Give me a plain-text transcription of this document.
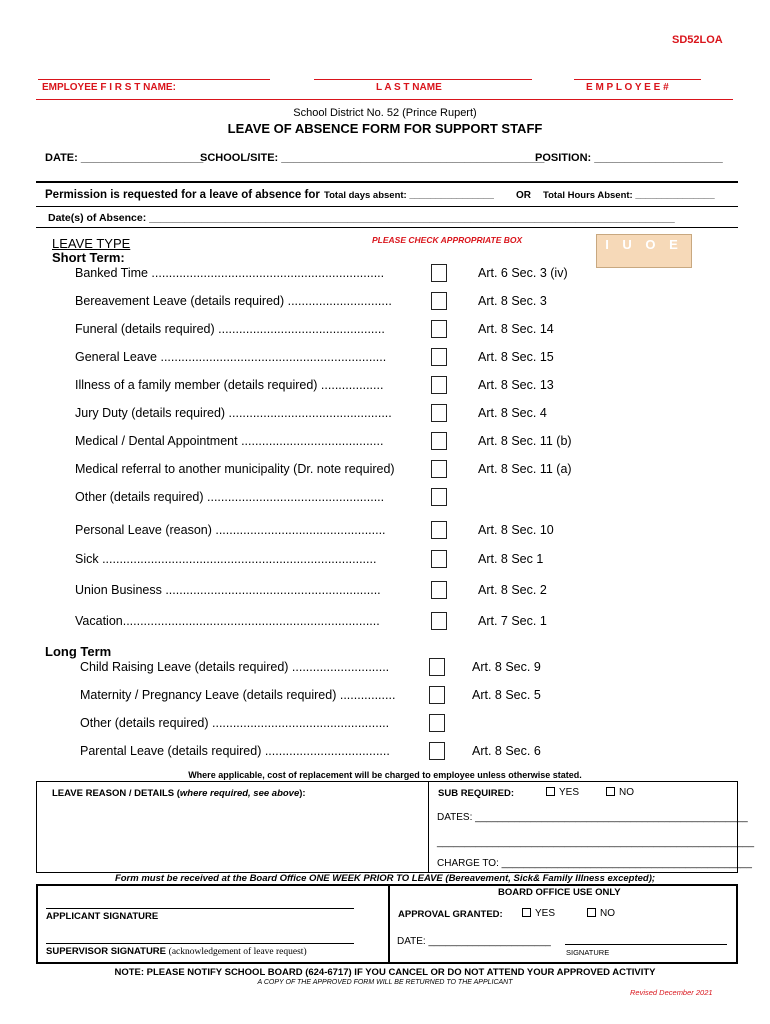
SD52LOA
EMPLOYEE F I R S T NAME:	L A S T NAME	E M P L O Y E E #
School District No. 52 (Prince Rupert)
LEAVE OF ABSENCE FORM FOR SUPPORT STAFF
DATE: ____________________
SCHOOL/SITE: ___________________________________________
POSITION: _____________________
Permission is requested for a leave of absence for Total days absent: ________________ OR Total Hours Absent: _______________
Date(s) of Absence: __________________________________________________________________________________________
LEAVE TYPE	PLEASE CHECK APPROPRIATE BOX	I U O E
Short Term:
Banked Time ...................................................................	Art. 6 Sec. 3 (iv)
Bereavement Leave (details required) ..............................	Art. 8 Sec. 3
Funeral (details required) ................................................	Art. 8 Sec. 14
General Leave .................................................................	Art. 8 Sec. 15
Illness of a family member (details required) ..................	Art. 8 Sec. 13
Jury Duty (details required) ...............................................	Art. 8 Sec. 4
Medical / Dental Appointment .........................................	Art. 8 Sec. 11 (b)
Medical referral to another municipality (Dr. note required)	Art. 8 Sec. 11 (a)
Other (details required) ...................................................
Personal Leave (reason) .................................................	Art. 8 Sec. 10
Sick ...............................................................................	Art. 8 Sec 1
Union Business ..............................................................	Art. 8 Sec. 2
Vacation..........................................................................	Art. 7 Sec. 1
Long Term
Child Raising Leave (details required) ............................	Art. 8 Sec. 9
Maternity / Pregnancy Leave (details required) ................	Art. 8 Sec. 5
Other (details required) ...................................................
Parental Leave (details required) ....................................	Art. 8 Sec. 6
Where applicable, cost of replacement will be charged to employee unless otherwise stated.
LEAVE REASON / DETAILS (where required, see above):	SUB REQUIRED:	YES	NO
DATES: _________________________________________________
_________________________________________________________
CHARGE TO: _____________________________________________
Form must be received at the Board Office ONE WEEK PRIOR TO LEAVE (Bereavement, Sick& Family Illness excepted);
BOARD OFFICE USE ONLY
APPLICANT SIGNATURE	APPROVAL GRANTED:	YES	NO
SUPERVISOR SIGNATURE (acknowledgement of leave request)
DATE: ______________________
SIGNATURE
NOTE: PLEASE NOTIFY SCHOOL BOARD (624-6717) IF YOU CANCEL OR DO NOT ATTEND YOUR APPROVED ACTIVITY
A COPY OF THE APPROVED FORM WILL BE RETURNED TO THE APPLICANT
Revised December 2021
